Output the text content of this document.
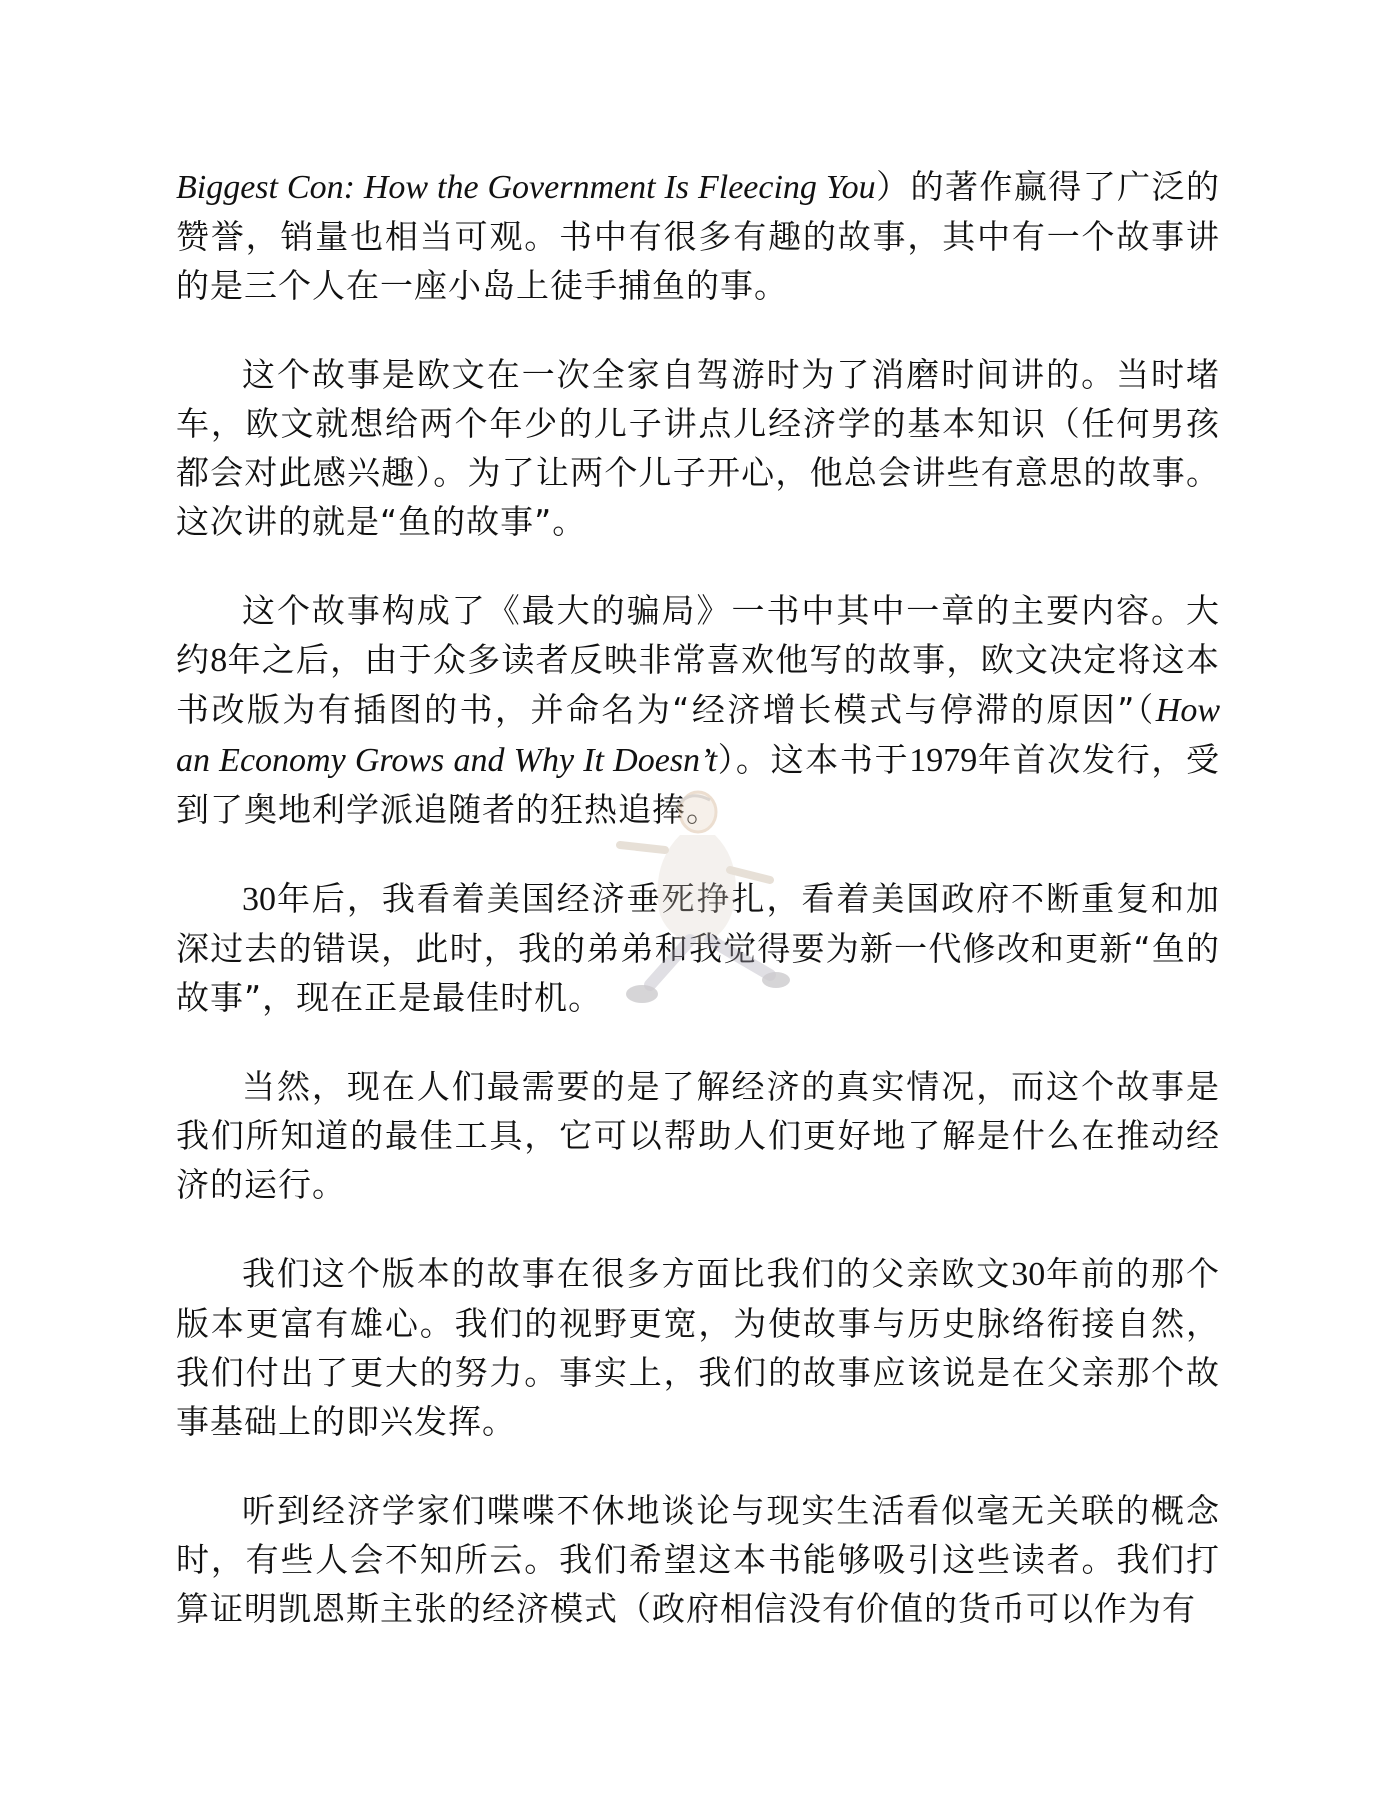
Biggest Con: How the Government Is Fleecing You）的著作赢得了广泛的赞誉，销量也相当可观。书中有很多有趣的故事，其中有一个故事讲的是三个人在一座小岛上徒手捕鱼的事。

这个故事是欧文在一次全家自驾游时为了消磨时间讲的。当时堵车，欧文就想给两个年少的儿子讲点儿经济学的基本知识（任何男孩都会对此感兴趣）。为了让两个儿子开心，他总会讲些有意思的故事。这次讲的就是“鱼的故事”。

这个故事构成了《最大的骗局》一书中其中一章的主要内容。大约8年之后，由于众多读者反映非常喜欢他写的故事，欧文决定将这本书改版为有插图的书，并命名为“经济增长模式与停滞的原因”（How an Economy Grows and Why It Doesn’t）。这本书于1979年首次发行，受到了奥地利学派追随者的狂热追捧。

30年后，我看着美国经济垂死挣扎，看着美国政府不断重复和加深过去的错误，此时，我的弟弟和我觉得要为新一代修改和更新“鱼的故事”，现在正是最佳时机。

当然，现在人们最需要的是了解经济的真实情况，而这个故事是我们所知道的最佳工具，它可以帮助人们更好地了解是什么在推动经济的运行。

我们这个版本的故事在很多方面比我们的父亲欧文30年前的那个版本更富有雄心。我们的视野更宽，为使故事与历史脉络衔接自然，我们付出了更大的努力。事实上，我们的故事应该说是在父亲那个故事基础上的即兴发挥。

听到经济学家们喋喋不休地谈论与现实生活看似毫无关联的概念时，有些人会不知所云。我们希望这本书能够吸引这些读者。我们打算证明凯恩斯主张的经济模式（政府相信没有价值的货币可以作为有
